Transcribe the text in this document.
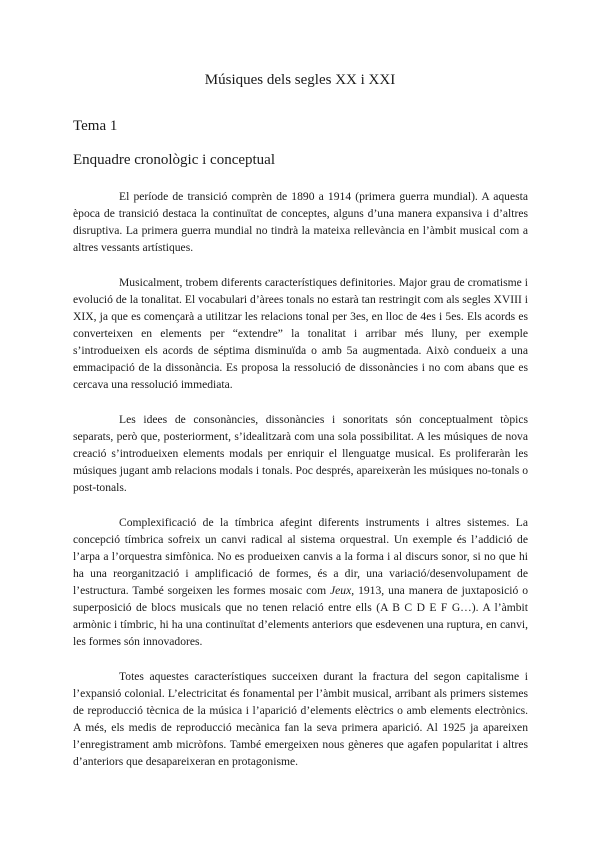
Músiques dels segles XX i XXI
Tema 1
Enquadre cronològic i conceptual

El període de transició comprèn de 1890 a 1914 (primera guerra mundial). A aquesta època de transició destaca la continuïtat de conceptes, alguns d’una manera expansiva i d’altres disruptiva. La primera guerra mundial no tindrà la mateixa rellevància en l’àmbit musical com a altres vessants artístiques.

Musicalment, trobem diferents característiques definitories. Major grau de cromatisme i evolució de la tonalitat. El vocabulari d’àrees tonals no estarà tan restringit com als segles XVIII i XIX, ja que es començarà a utilitzar les relacions tonal per 3es, en lloc de 4es i 5es. Els acords es converteixen en elements per “extendre” la tonalitat i arribar més lluny, per exemple s’introdueixen els acords de séptima disminuïda o amb 5a augmentada. Això condueix a una emmacipació de la dissonància. Es proposa la ressolució de dissonàncies i no com abans que es cercava una ressolució immediata.

Les idees de consonàncies, dissonàncies i sonoritats són conceptualment tòpics separats, però que, posteriorment, s’idealitzarà com una sola possibilitat. A les músiques de nova creació s’introdueixen elements modals per enriquir el llenguatge musical. Es proliferaràn les músiques jugant amb relacions modals i tonals. Poc després, apareixeràn les músiques no-tonals o post-tonals.

Complexificació de la tímbrica afegint diferents instruments i altres sistemes. La concepció tímbrica sofreix un canvi radical al sistema orquestral. Un exemple és l’addició de l’arpa a l’orquestra simfònica. No es produeixen canvis a la forma i al discurs sonor, si no que hi ha una reorganització i amplificació de formes, és a dir, una variació/desenvolupament de l’estructura. També sorgeixen les formes mosaic com Jeux, 1913, una manera de juxtaposició o superposició de blocs musicals que no tenen relació entre ells (A B C D E F G…). A l’àmbit armònic i tímbric, hi ha una continuïtat d’elements anteriors que esdevenen una ruptura, en canvi, les formes són innovadores.

Totes aquestes característiques succeixen durant la fractura del segon capitalisme i l’expansió colonial. L’electricitat és fonamental per l’àmbit musical, arribant als primers sistemes de reproducció tècnica de la música i l’aparició d’elements elèctrics o amb elements electrònics. A més, els medis de reproducció mecànica fan la seva primera aparició. Al 1925 ja apareixen l’enregistrament amb micròfons. També emergeixen nous gèneres que agafen popularitat i altres d’anteriors que desapareixeran en protagonisme.
